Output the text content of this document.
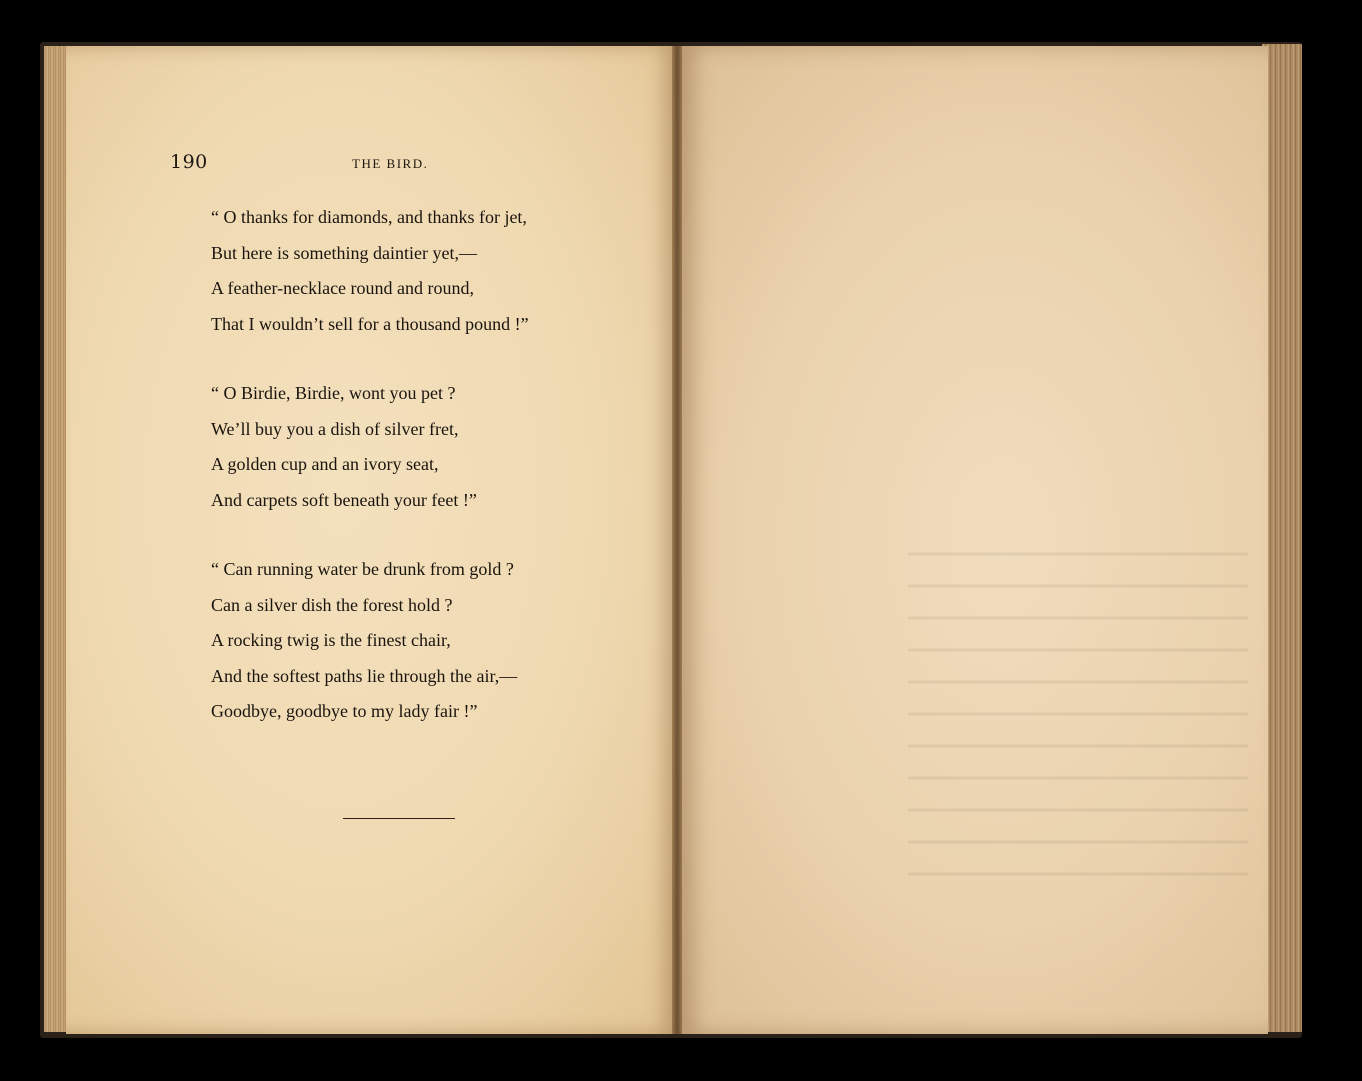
190	THE BIRD.
“ O thanks for diamonds, and thanks for jet,
But here is something daintier yet,—
A feather-necklace round and round,
That I wouldn’t sell for a thousand pound !”
“ O Birdie, Birdie, wont you pet ?
We’ll buy you a dish of silver fret,
A golden cup and an ivory seat,
And carpets soft beneath your feet !”
“ Can running water be drunk from gold ?
Can a silver dish the forest hold ?
A rocking twig is the finest chair,
And the softest paths lie through the air,—
Goodbye, goodbye to my lady fair !”
